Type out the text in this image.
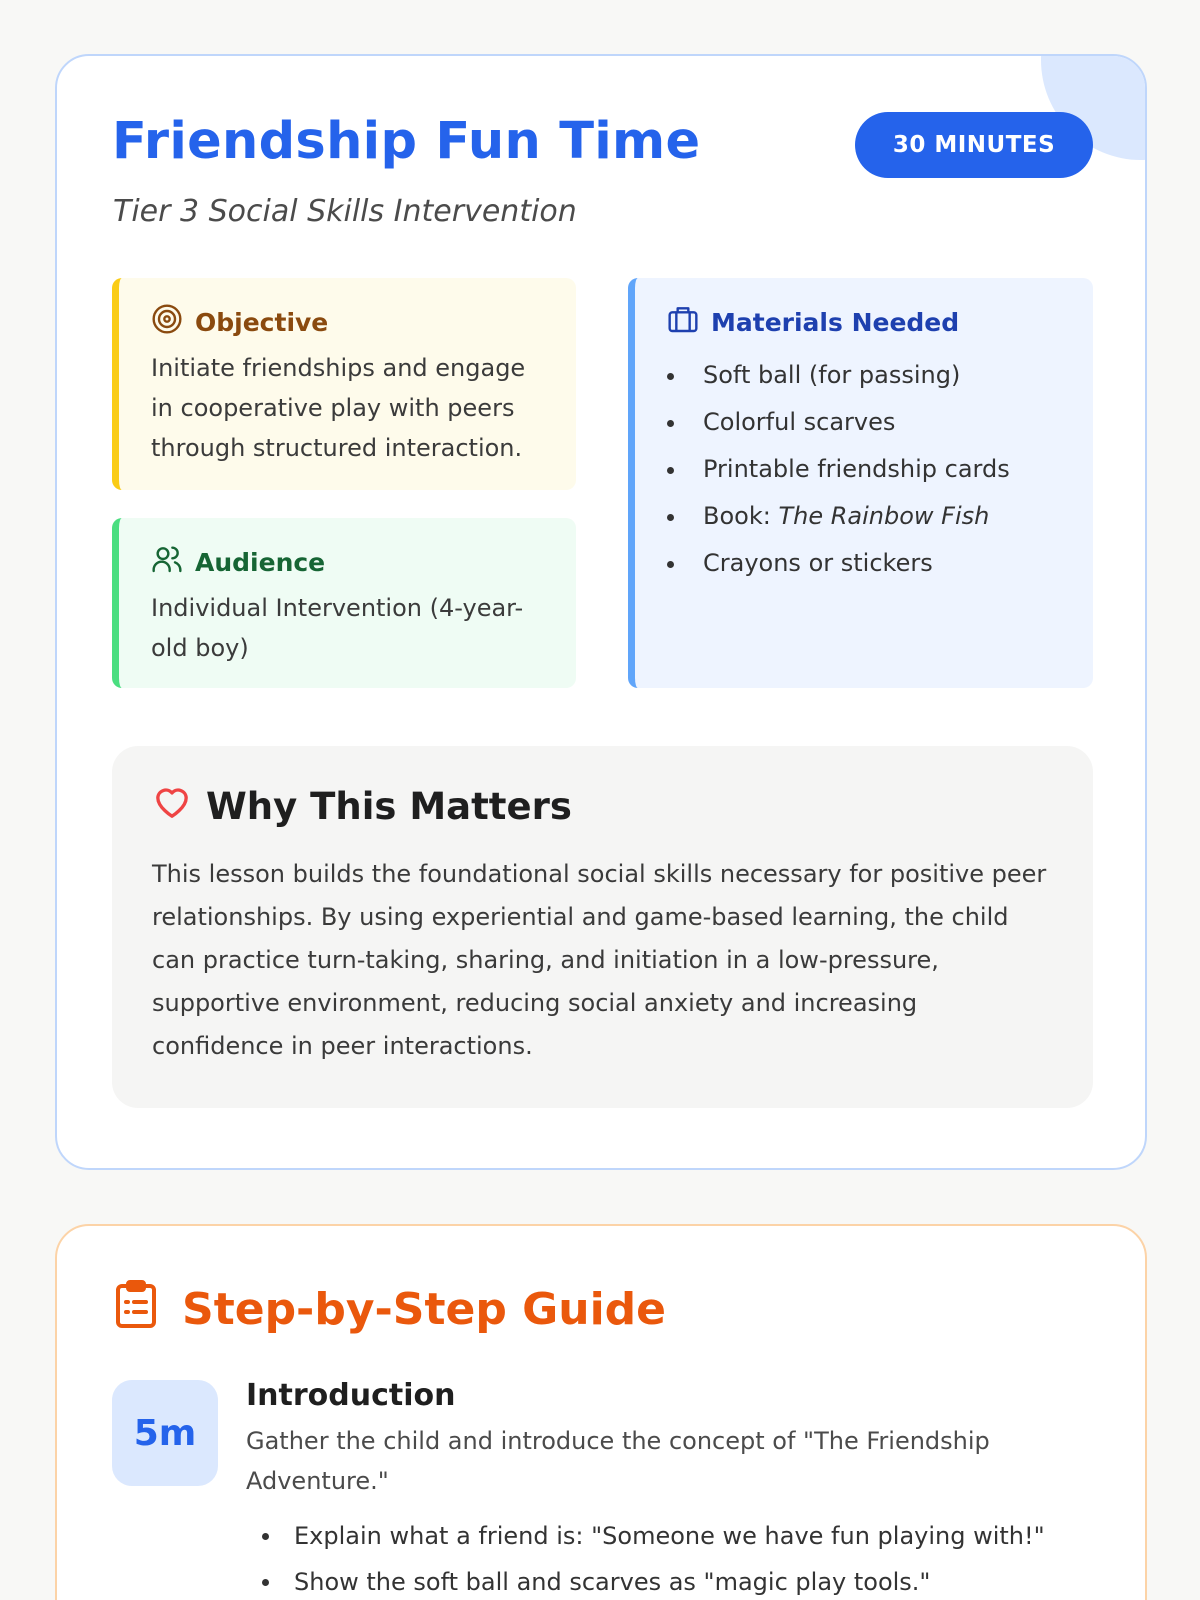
Friendship Fun Time
Tier 3 Social Skills Intervention
30 MINUTES
Objective

Initiate friendships and engage in cooperative play with peers through structured interaction.

Audience

Individual Intervention (4-year-old boy)

Materials Needed
Soft ball (for passing)
Colorful scarves
Printable friendship cards
Book: The Rainbow Fish
Crayons or stickers
Why This Matters

This lesson builds the foundational social skills necessary for positive peer relationships. By using experiential and game-based learning, the child can practice turn-taking, sharing, and initiation in a low-pressure, supportive environment, reducing social anxiety and increasing confidence in peer interactions.

Step-by-Step Guide
5m
Introduction

Gather the child and introduce the concept of "The Friendship Adventure."

Explain what a friend is: "Someone we have fun playing with!"
Show the soft ball and scarves as "magic play tools."
